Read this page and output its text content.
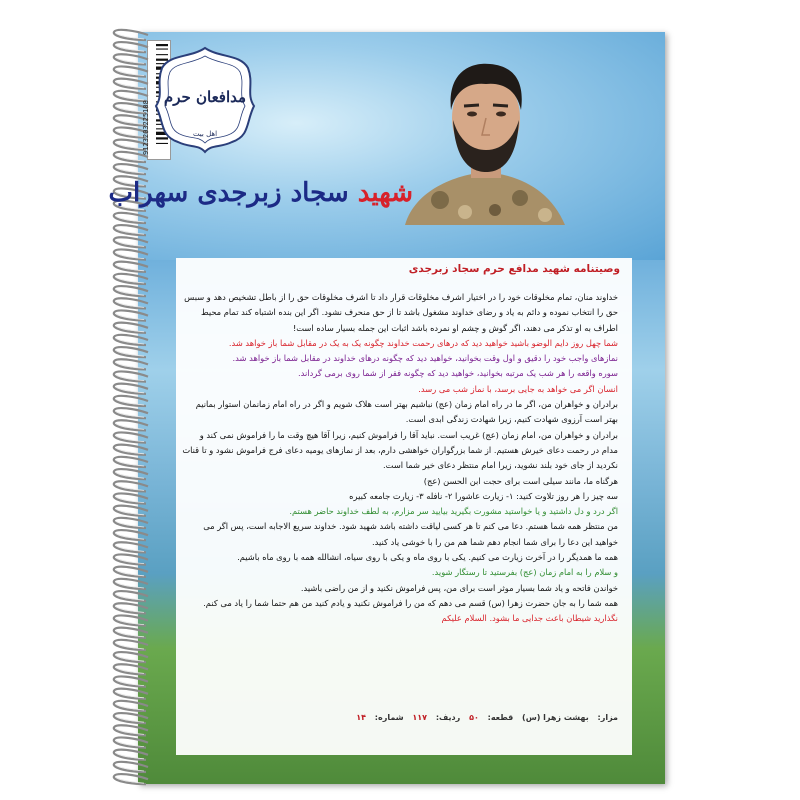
9123203225108
مدافعان حرم
اهل بیت
شهید سجاد زبرجدی سهراب
وصیتنامه شهید مدافع حرم سجاد زبرجدی

خداوند منان، تمام مخلوقات خود را در اختیار اشرف مخلوقات قرار داد تا اشرف مخلوقات حق را از باطل تشخیص دهد و سبس حق را انتخاب نموده و دائم به یاد و رضای خداوند مشغول باشد تا از حق منحرف نشود. اگر این بنده اشتباه کند تمام محیط اطراف به او تذکر می دهند، اگر گوش و چشم او نمرده باشد اثبات این جمله بسیار ساده است!

شما چهل روز دایم الوضو باشید خواهید دید که درهای رحمت خداوند چگونه یک به یک در مقابل شما باز خواهد شد.

نمازهای واجب خود را دقیق و اول وقت بخوانید، خواهید دید که چگونه درهای خداوند در مقابل شما باز خواهد شد.

سوره واقعه را هر شب یک مرتبه بخوانید، خواهید دید که چگونه فقر از شما روی برمی گرداند.

انسان اگر می خواهد به جایی برسد، با نماز شب می رسد.

برادران و خواهران من، اگر ما در راه امام زمان (عج) نباشیم بهتر است هلاک شویم و اگر در راه امام زمانمان استوار بمانیم بهتر است آرزوی شهادت کنیم، زیرا شهادت زندگی ابدی است.

برادران و خواهران من، امام زمان (عج) غریب است. نباید آقا را فراموش کنیم، زیرا آقا هیچ وقت ما را فراموش نمی کند و مدام در رحمت دعای خیرش هستیم. از شما بزرگواران خواهشی دارم، بعد از نمازهای یومیه دعای فرج فراموش نشود و تا قنات نکردید از جای خود بلند نشوید، زیرا امام منتظر دعای خیر شما است.

هرگناه ما، مانند سیلی است برای حجت ابن الحسن (عج)

سه چیز را هر روز تلاوت کنید: ۱- زیارت عاشورا ۲- نافله ۳- زیارت جامعه کبیره

اگر درد و دل داشتید و یا خواستید مشورت بگیرید بیایید سر مزارم، به لطف خداوند حاضر هستم.

من منتظر همه شما هستم. دعا می کنم تا هر کسی لیاقت داشته باشد شهید شود. خداوند سریع الاجابه است، پس اگر می خواهید این دعا را برای شما انجام دهم شما هم من را با خوشی یاد کنید.

همه ما همدیگر را در آخرت زیارت می کنیم. یکی با روی ماه و یکی با روی سیاه، انشالله همه با روی ماه باشیم.

و سلام را به امام زمان (عج) بفرستید تا رستگار شوید.

خواندن فاتحه و یاد شما بسیار موثر است برای من، پس فراموش نکنید و از من راضی باشید.

همه شما را به جان حضرت زهرا (س) قسم می دهم که من را فراموش نکنید و یادم کنید من هم حتما شما را یاد می کنم.

نگذارید شیطان باعث جدایی ما بشود. السلام علیکم

مزار: بهشت زهرا (س) قطعه: ۵۰ ردیف: ۱۱۷ شماره: ۱۴
